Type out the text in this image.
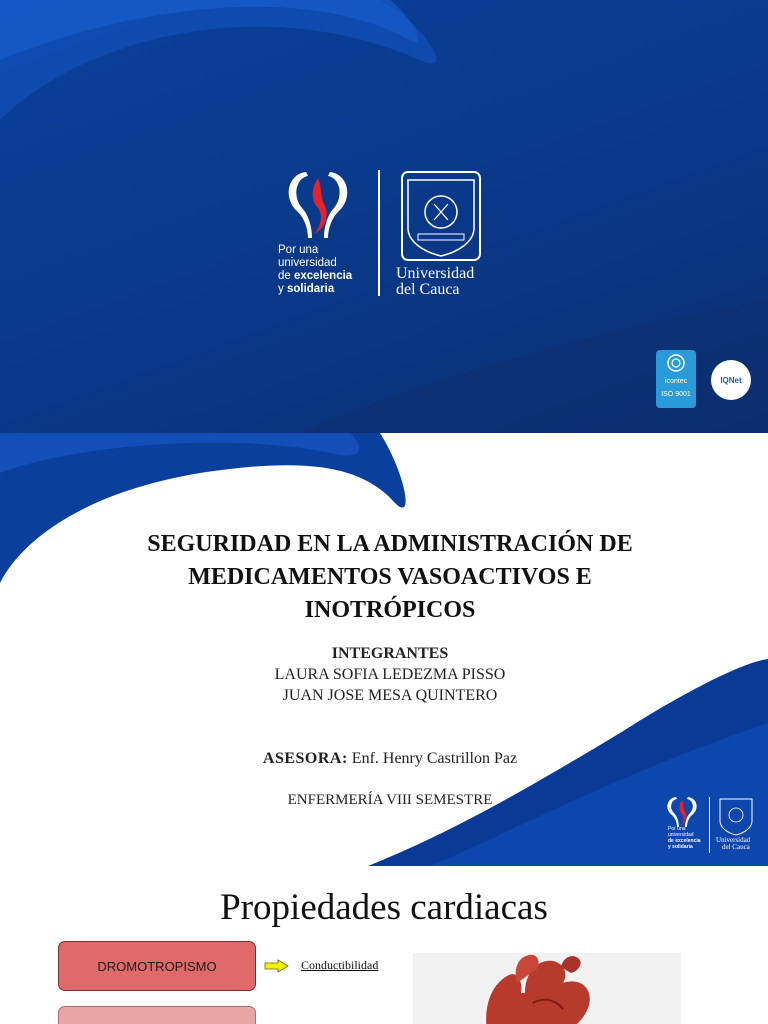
Por una
universidad
de excelencia
y solidaria
Universidad
del Cauca
icontec
ISO 9001
IQNet
SEGURIDAD EN LA ADMINISTRACIÓN DE
MEDICAMENTOS VASOACTIVOS E
INOTRÓPICOS
INTEGRANTES
LAURA SOFIA LEDEZMA PISSO
JUAN JOSE MESA QUINTERO
ASESORA: Enf. Henry Castrillon Paz
ENFERMERÍA VIII SEMESTRE
Por una
universidad
de excelencia
y solidaria
Universidad
del Cauca
Propiedades cardiacas
DROMOTROPISMO	Conductibilidad
